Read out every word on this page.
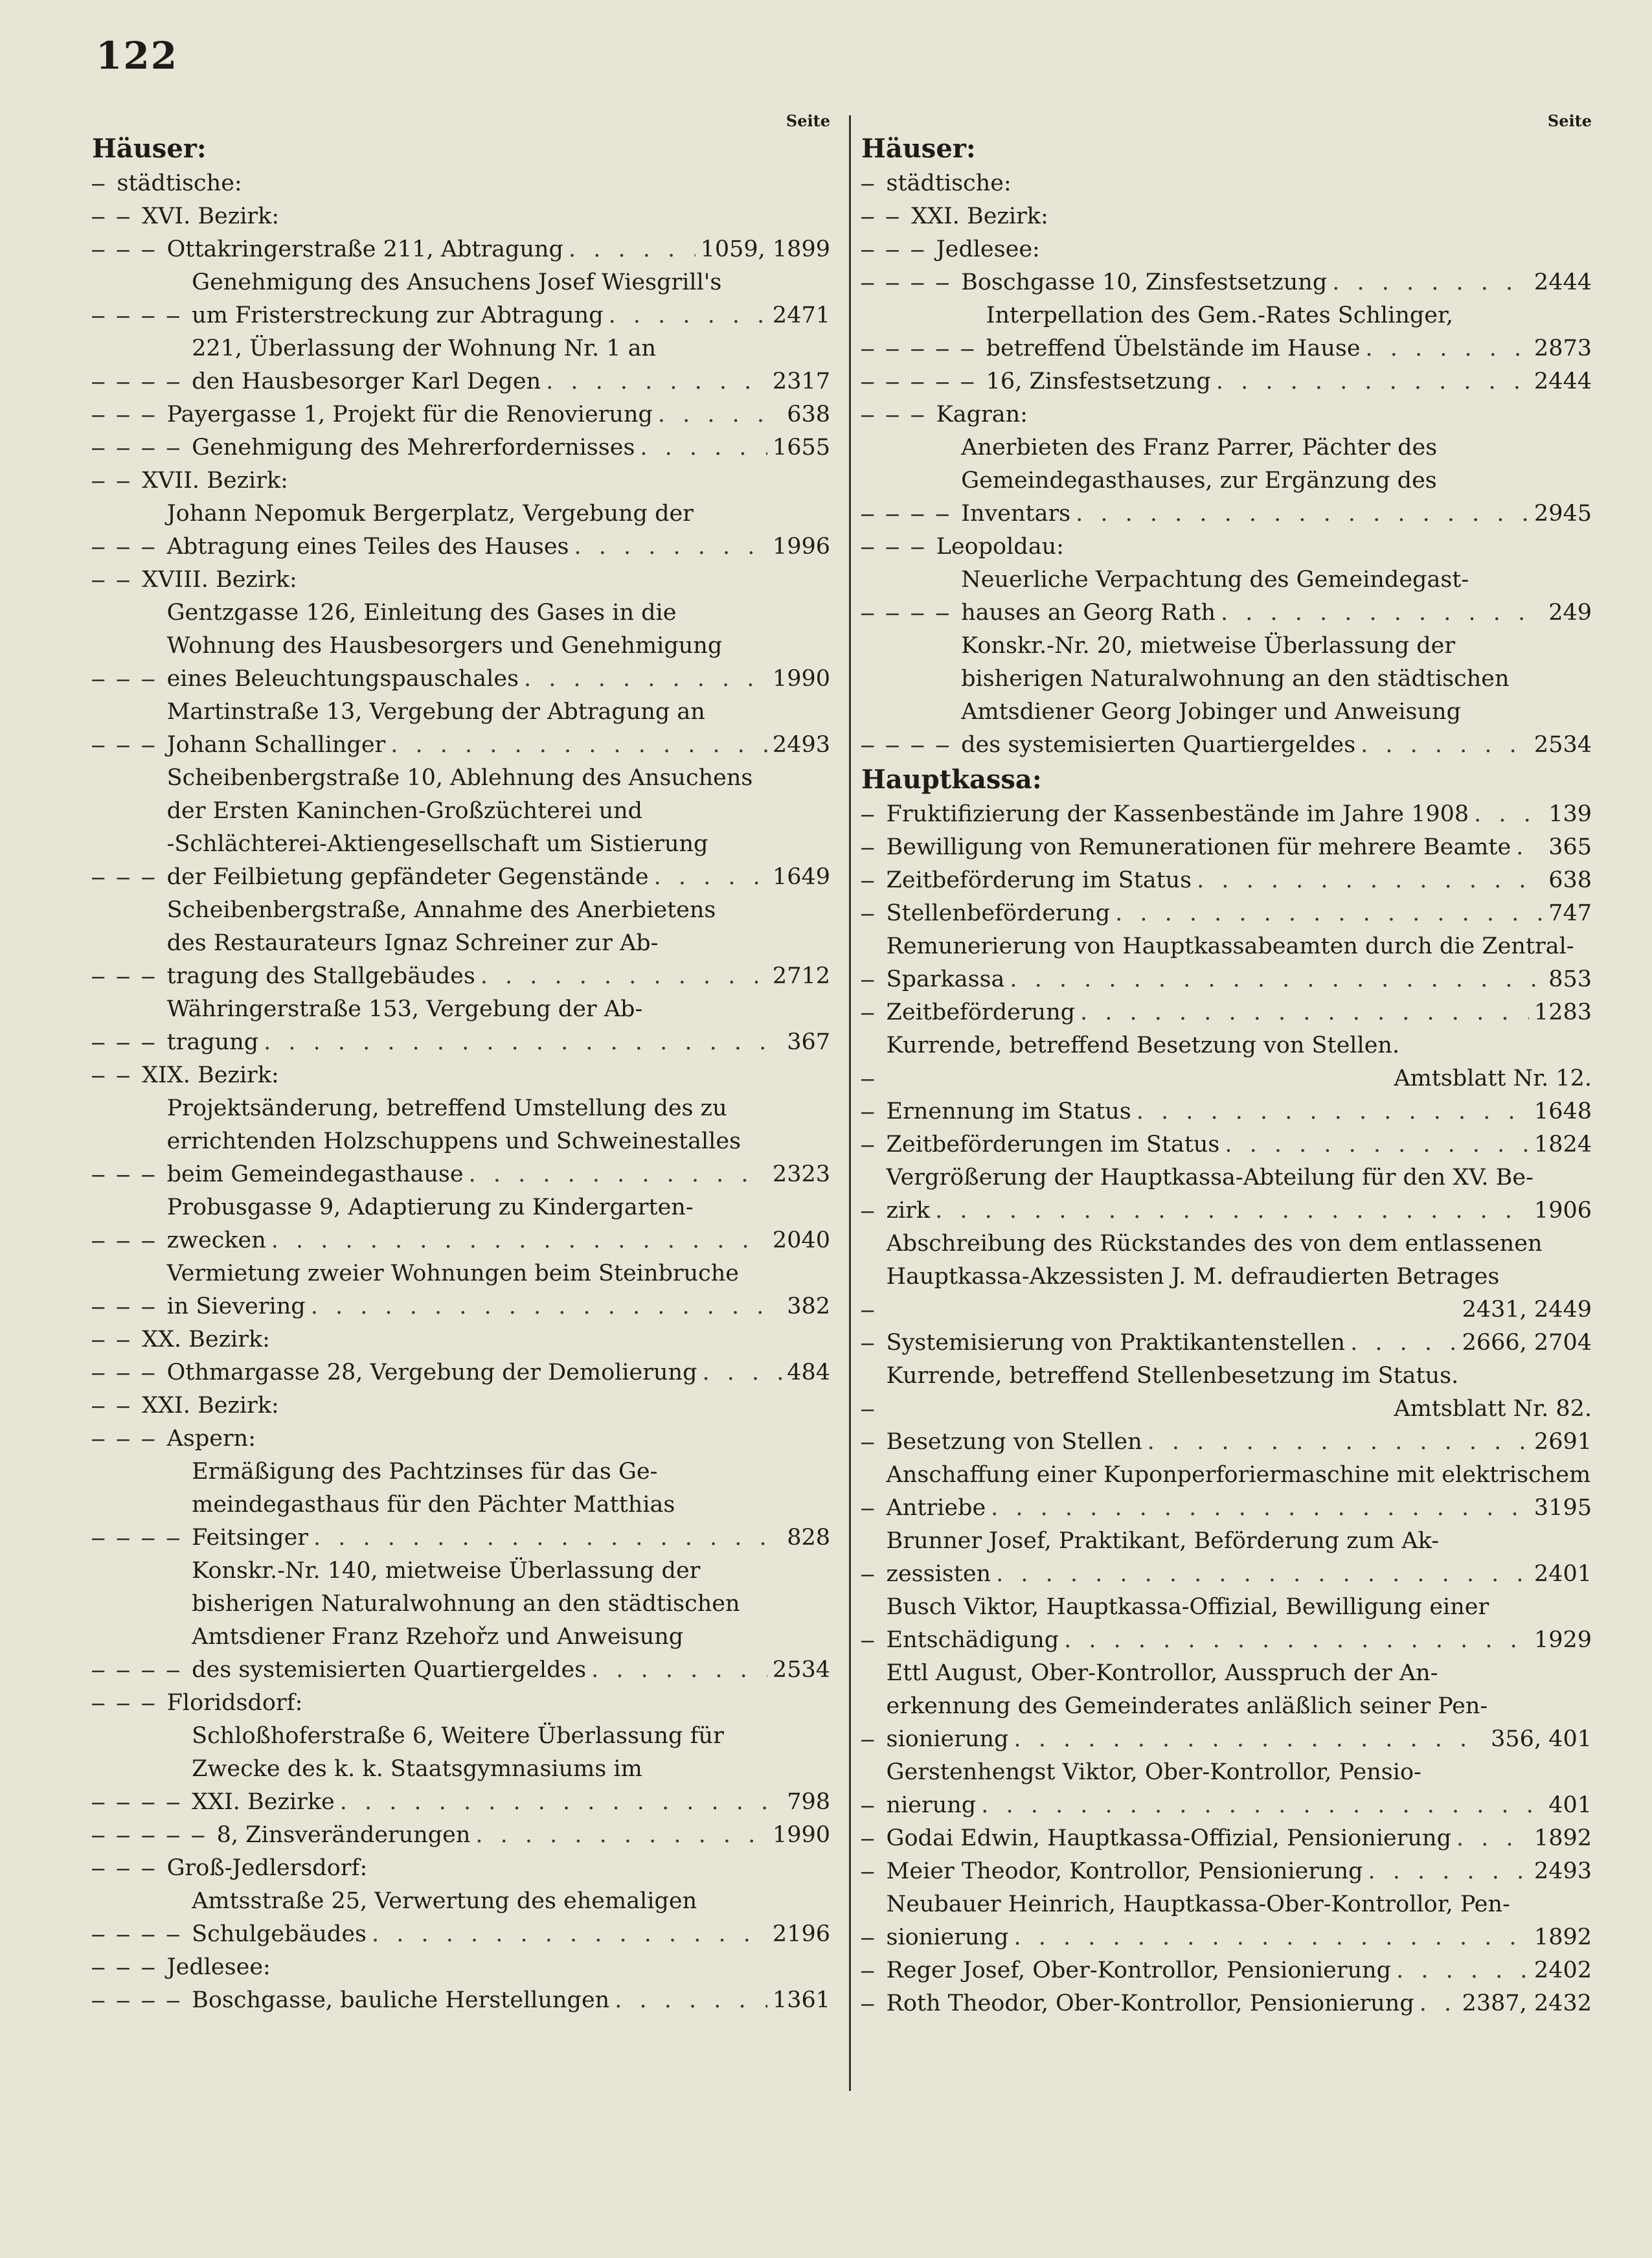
122
Seite
Häuser:
— städtische:
— — XVI. Bezirk:
— — — Ottakringerstraße 211, Abtragung . . .	1059, 1899
— — — —
Genehmigung des Ansuchens Josef Wiesgrill's
um Fristerstreckung zur Abtragung . . .	2471
— — — —
221, Überlassung der Wohnung Nr. 1 an
den Hausbesorger Karl Degen . . .	2317
— — — Payergasse 1, Projekt für die Renovierung . . .	638
— — — — Genehmigung des Mehrerfordernisses . . .	1655
— — XVII. Bezirk:
— — —
Johann Nepomuk Bergerplatz, Vergebung der
Abtragung eines Teiles des Hauses . . .	1996
— — XVIII. Bezirk:
— — —
Gentzgasse 126, Einleitung des Gases in die
Wohnung des Hausbesorgers und Genehmigung
eines Beleuchtungspauschales . . .	1990
— — —
Martinstraße 13, Vergebung der Abtragung an
Johann Schallinger . . .	2493
— — —
Scheibenbergstraße 10, Ablehnung des Ansuchens
der Ersten Kaninchen-Großzüchterei und
-Schlächterei-Aktiengesellschaft um Sistierung
der Feilbietung gepfändeter Gegenstände . . .	1649
— — —
Scheibenbergstraße, Annahme des Anerbietens
des Restaurateurs Ignaz Schreiner zur Ab-
tragung des Stallgebäudes . . .	2712
— — —
Währingerstraße 153, Vergebung der Ab-
tragung . . .	367
— — XIX. Bezirk:
— — —
Projektsänderung, betreffend Umstellung des zu
errichtenden Holzschuppens und Schweinestalles
beim Gemeindegasthause . . .	2323
— — —
Probusgasse 9, Adaptierung zu Kindergarten-
zwecken . . .	2040
— — —
Vermietung zweier Wohnungen beim Steinbruche
in Sievering . . .	382
— — XX. Bezirk:
— — — Othmargasse 28, Vergebung der Demolierung . . .	484
— — XXI. Bezirk:
— — — Aspern:
— — — —
Ermäßigung des Pachtzinses für das Ge-
meindegasthaus für den Pächter Matthias
Feitsinger . . .	828
— — — —
Konskr.-Nr. 140, mietweise Überlassung der
bisherigen Naturalwohnung an den städtischen
Amtsdiener Franz Rzehořz und Anweisung
des systemisierten Quartiergeldes . . .	2534
— — — Floridsdorf:
— — — —
Schloßhoferstraße 6, Weitere Überlassung für
Zwecke des k. k. Staatsgymnasiums im
XXI. Bezirke . . .	798
— — — — — 8, Zinsveränderungen . . .	1990
— — — Groß-Jedlersdorf:
— — — —
Amtsstraße 25, Verwertung des ehemaligen
Schulgebäudes . . .	2196
— — — Jedlesee:
— — — — Boschgasse, bauliche Herstellungen . . .	1361
Seite
Häuser:
— städtische:
— — XXI. Bezirk:
— — — Jedlesee:
— — — — Boschgasse 10, Zinsfestsetzung . . .	2444
— — — — —
Interpellation des Gem.-Rates Schlinger,
betreffend Übelstände im Hause . . .	2873
— — — — — 16, Zinsfestsetzung . . .	2444
— — — Kagran:
— — — —
Anerbieten des Franz Parrer, Pächter des
Gemeindegasthauses, zur Ergänzung des
Inventars . . .	2945
— — — Leopoldau:
— — — —
Neuerliche Verpachtung des Gemeindegast-
hauses an Georg Rath . . .	249
— — — —
Konskr.-Nr. 20, mietweise Überlassung der
bisherigen Naturalwohnung an den städtischen
Amtsdiener Georg Jobinger und Anweisung
des systemisierten Quartiergeldes . . .	2534
Hauptkassa:
— Fruktifizierung der Kassenbestände im Jahre 1908 . . .	139
— Bewilligung von Remunerationen für mehrere Beamte . . . 365
— Zeitbeförderung im Status . . .	638
— Stellenbeförderung . . .	747
—
Remunerierung von Hauptkassabeamten durch die Zentral-
Sparkassa . . .	853
— Zeitbeförderung . . .	1283
—
Kurrende, betreffend Besetzung von Stellen.
Amtsblatt Nr. 12.
— Ernennung im Status . . .	1648
— Zeitbeförderungen im Status . . .	1824
—
Vergrößerung der Hauptkassa-Abteilung für den XV. Be-
zirk . . .	1906
—
Abschreibung des Rückstandes des von dem entlassenen
Hauptkassa-Akzessisten J. M. defraudierten Betrages
2431, 2449
— Systemisierung von Praktikantenstellen . . .	2666, 2704
—
Kurrende, betreffend Stellenbesetzung im Status.
Amtsblatt Nr. 82.
— Besetzung von Stellen . . .	2691
—
Anschaffung einer Kuponperforiermaschine mit elektrischem
Antriebe . . .	3195
—
Brunner Josef, Praktikant, Beförderung zum Ak-
zessisten . . .	2401
—
Busch Viktor, Hauptkassa-Offizial, Bewilligung einer
Entschädigung . . .	1929
—
Ettl August, Ober-Kontrollor, Ausspruch der An-
erkennung des Gemeinderates anläßlich seiner Pen-
sionierung . . .	356, 401
—
Gerstenhengst Viktor, Ober-Kontrollor, Pensio-
nierung . . .	401
— Godai Edwin, Hauptkassa-Offizial, Pensionierung . . .	1892
— Meier Theodor, Kontrollor, Pensionierung . . .	2493
—
Neubauer Heinrich, Hauptkassa-Ober-Kontrollor, Pen-
sionierung . . .	1892
— Reger Josef, Ober-Kontrollor, Pensionierung . . .	2402
— Roth Theodor, Ober-Kontrollor, Pensionierung . . . 2387, 2432
